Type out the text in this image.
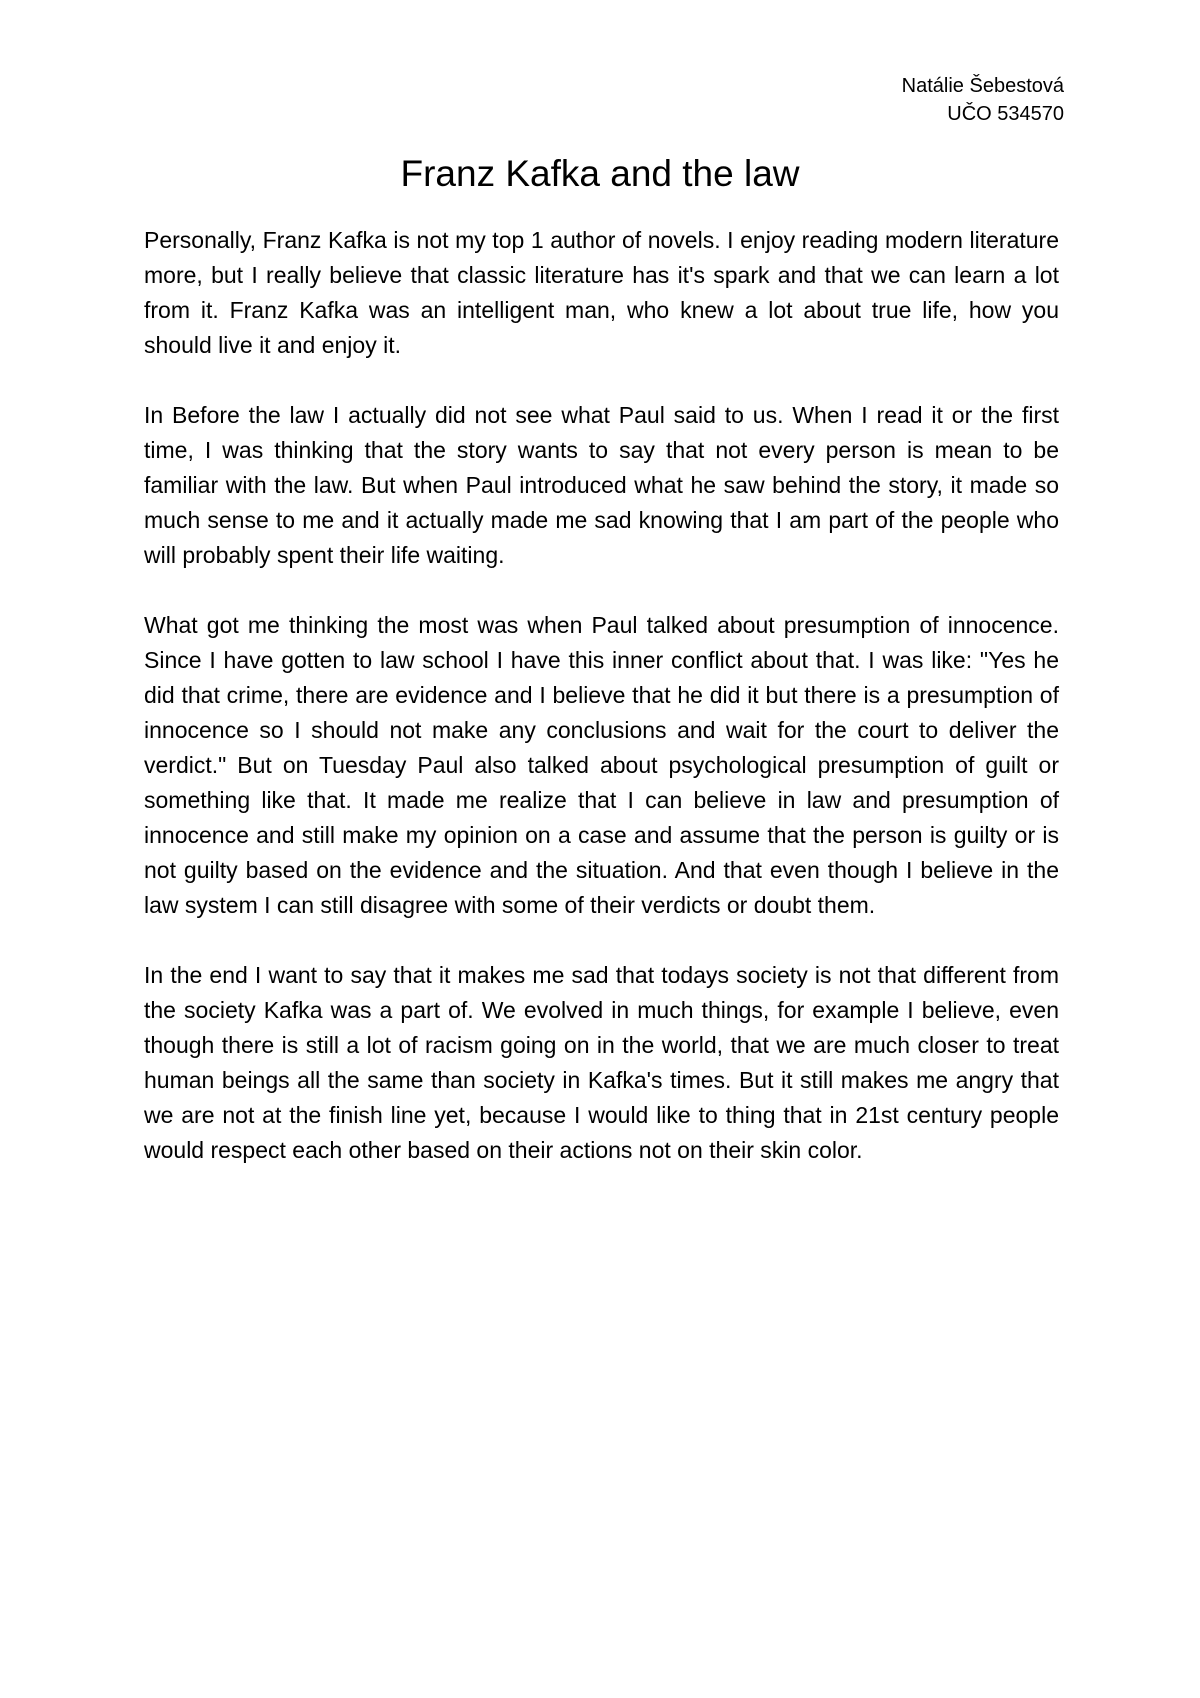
Natálie Šebestová
UČO 534570
Franz Kafka and the law

Personally, Franz Kafka is not my top 1 author of novels. I enjoy reading modern literature more, but I really believe that classic literature has it's spark and that we can learn a lot from it. Franz Kafka was an intelligent man, who knew a lot about true life, how you should live it and enjoy it.

In Before the law I actually did not see what Paul said to us. When I read it or the first time, I was thinking that the story wants to say that not every person is mean to be familiar with the law. But when Paul introduced what he saw behind the story, it made so much sense to me and it actually made me sad knowing that I am part of the people who will probably spent their life waiting.

What got me thinking the most was when Paul talked about presumption of innocence. Since I have gotten to law school I have this inner conflict about that. I was like: "Yes he did that crime, there are evidence and I believe that he did it but there is a presumption of innocence so I should not make any conclusions and wait for the court to deliver the verdict." But on Tuesday Paul also talked about psychological presumption of guilt or something like that. It made me realize that I can believe in law and presumption of innocence and still make my opinion on a case and assume that the person is guilty or is not guilty based on the evidence and the situation. And that even though I believe in the law system I can still disagree with some of their verdicts or doubt them.

In the end I want to say that it makes me sad that todays society is not that different from the society Kafka was a part of. We evolved in much things, for example I believe, even though there is still a lot of racism going on in the world, that we are much closer to treat human beings all the same than society in Kafka's times. But it still makes me angry that we are not at the finish line yet, because I would like to thing that in 21st century people would respect each other based on their actions not on their skin color.
